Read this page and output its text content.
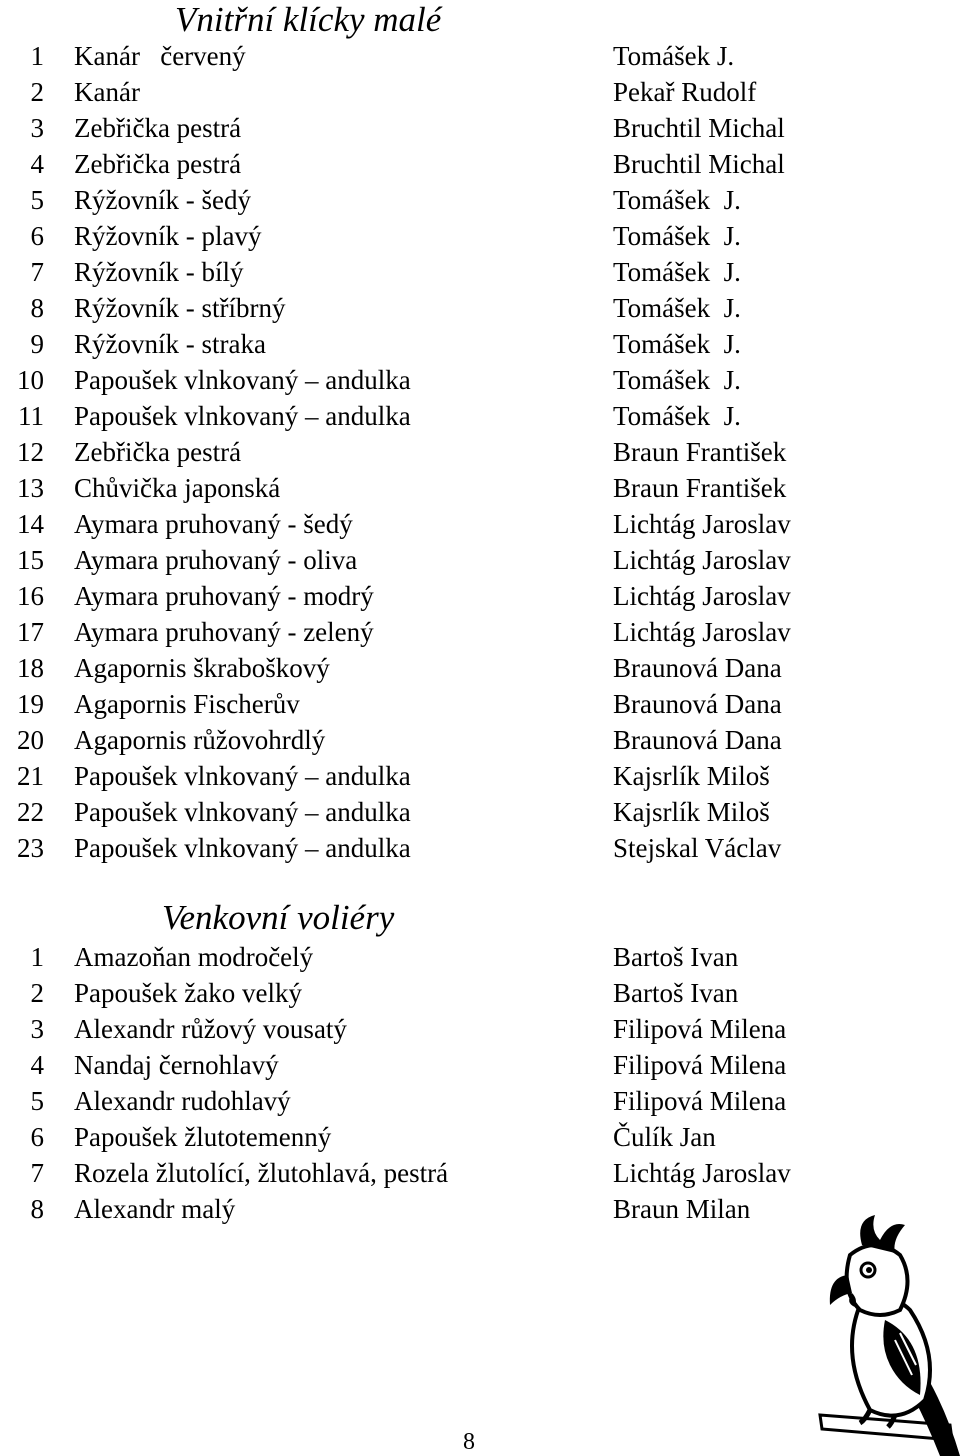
Vnitřní klícky malé
1 Kanár   červený	Tomášek J.
2 Kanár	Pekař Rudolf
3 Zebřička pestrá	Bruchtil Michal
4 Zebřička pestrá	Bruchtil Michal
5 Rýžovník - šedý	Tomášek  J.
6 Rýžovník - plavý	Tomášek  J.
7 Rýžovník - bílý	Tomášek  J.
8 Rýžovník - stříbrný	Tomášek  J.
9 Rýžovník - straka	Tomášek  J.
10 Papoušek vlnkovaný – andulka	Tomášek  J.
11 Papoušek vlnkovaný – andulka	Tomášek  J.
12 Zebřička pestrá	Braun František
13 Chůvička japonská	Braun František
14 Aymara pruhovaný - šedý	Lichtág Jaroslav
15 Aymara pruhovaný - oliva	Lichtág Jaroslav
16 Aymara pruhovaný - modrý	Lichtág Jaroslav
17 Aymara pruhovaný - zelený	Lichtág Jaroslav
18 Agapornis škraboškový	Braunová Dana
19 Agapornis Fischerův	Braunová Dana
20 Agapornis růžovohrdlý	Braunová Dana
21 Papoušek vlnkovaný – andulka	Kajsrlík Miloš
22 Papoušek vlnkovaný – andulka	Kajsrlík Miloš
23 Papoušek vlnkovaný – andulka	Stejskal Václav
Venkovní voliéry
1 Amazoňan modročelý	Bartoš Ivan
2 Papoušek žako velký	Bartoš Ivan
3 Alexandr růžový vousatý	Filipová Milena
4 Nandaj černohlavý	Filipová Milena
5 Alexandr rudohlavý	Filipová Milena
6 Papoušek žlutotemenný	Čulík Jan
7 Rozela žlutolící, žlutohlavá, pestrá	Lichtág Jaroslav
8 Alexandr malý	Braun Milan
8
